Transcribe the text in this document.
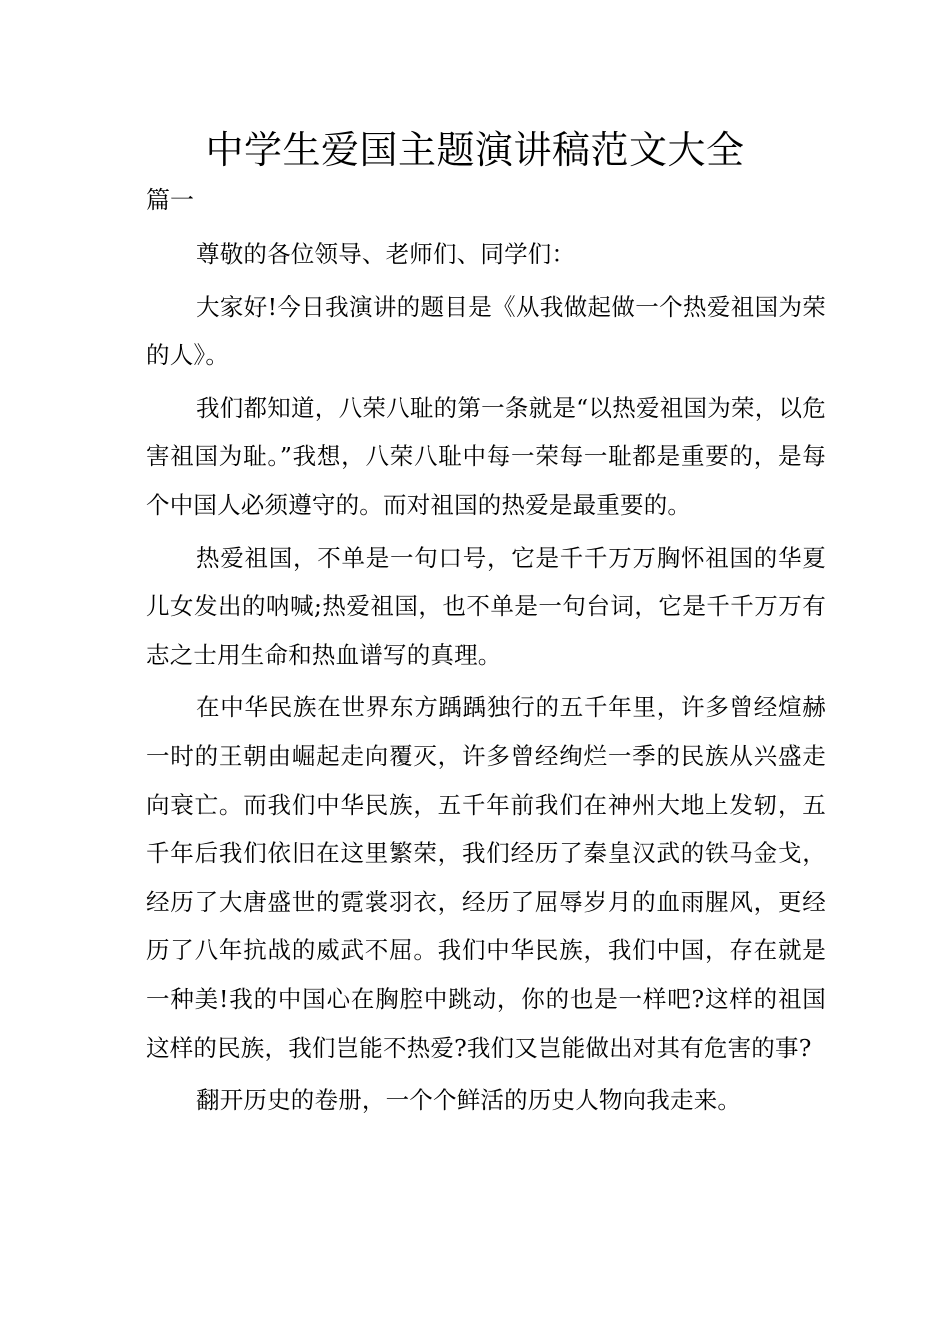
中学生爱国主题演讲稿范文大全

篇一

尊敬的各位领导、老师们、同学们：

大家好!今日我演讲的题目是《从我做起做一个热爱祖国为荣的人》。

我们都知道，八荣八耻的第一条就是“以热爱祖国为荣，以危害祖国为耻。”我想，八荣八耻中每一荣每一耻都是重要的，是每个中国人必须遵守的。而对祖国的热爱是最重要的。

热爱祖国，不单是一句口号，它是千千万万胸怀祖国的华夏儿女发出的呐喊;热爱祖国，也不单是一句台词，它是千千万万有志之士用生命和热血谱写的真理。

在中华民族在世界东方踽踽独行的五千年里，许多曾经煊赫一时的王朝由崛起走向覆灭，许多曾经绚烂一季的民族从兴盛走向衰亡。而我们中华民族，五千年前我们在神州大地上发轫，五千年后我们依旧在这里繁荣，我们经历了秦皇汉武的铁马金戈，经历了大唐盛世的霓裳羽衣，经历了屈辱岁月的血雨腥风，更经历了八年抗战的威武不屈。我们中华民族，我们中国，存在就是一种美!我的中国心在胸腔中跳动，你的也是一样吧?这样的祖国这样的民族，我们岂能不热爱?我们又岂能做出对其有危害的事?

翻开历史的卷册，一个个鲜活的历史人物向我走来。
